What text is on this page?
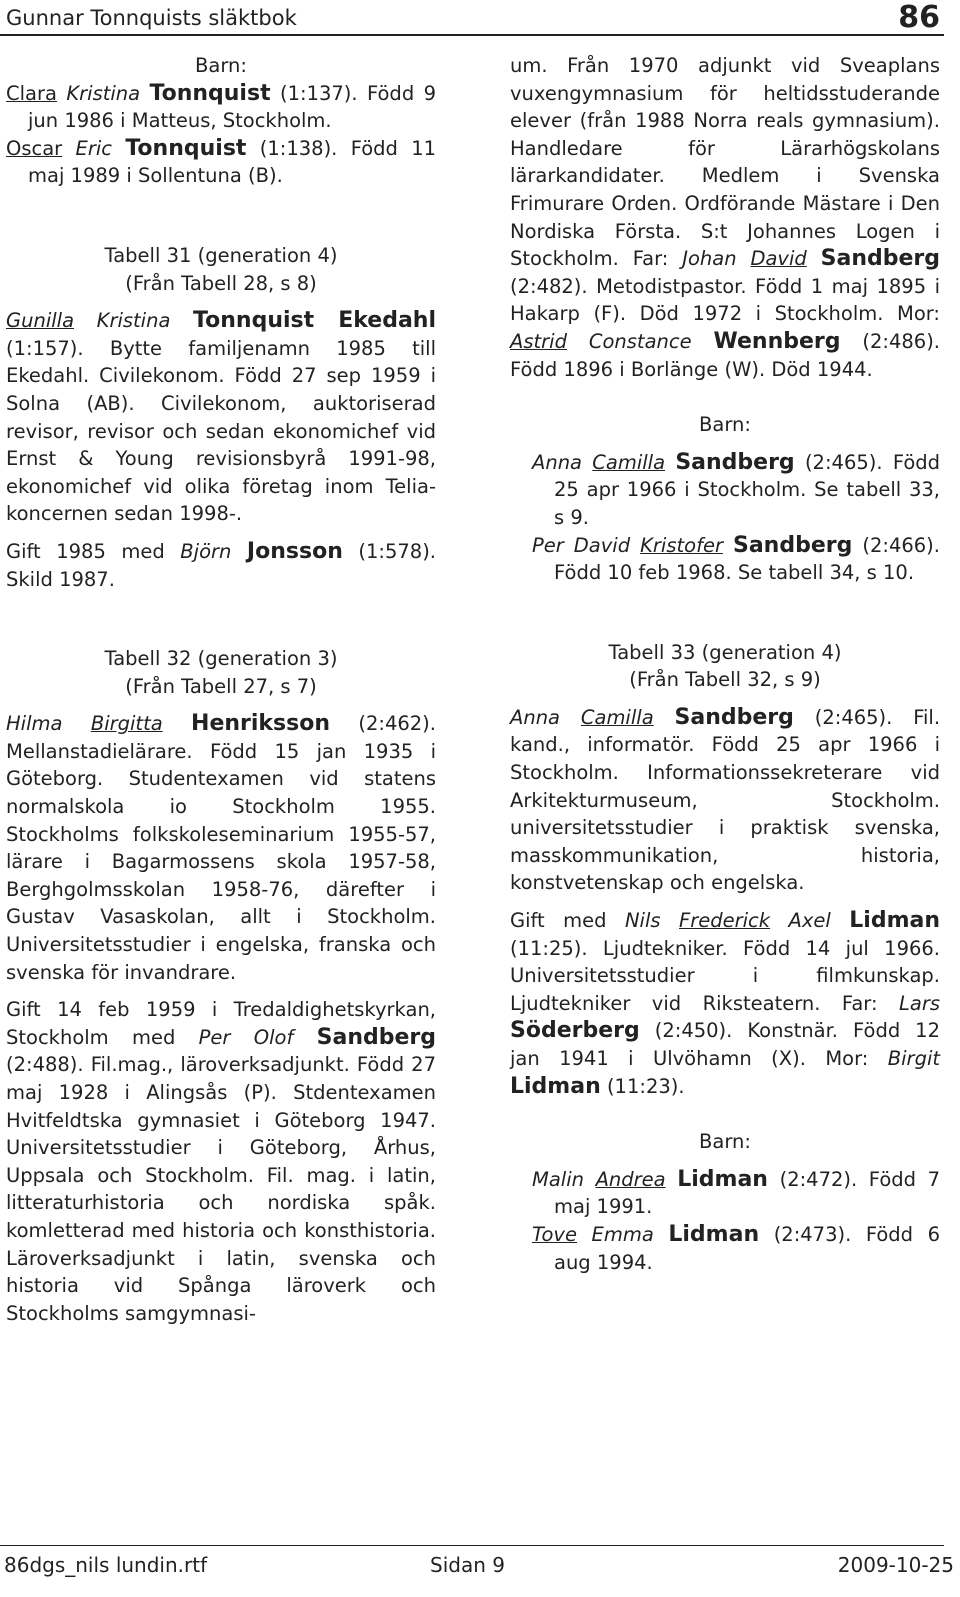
Gunnar Tonnquists släktbok	86

Barn:

Clara Kristina Tonnquist (1:137). Född 9 jun 1986 i Matteus, Stockholm.

Oscar Eric Tonnquist (1:138). Född 11 maj 1989 i Sollentuna (B).

Tabell 31 (generation 4)

(Från Tabell 28, s 8)

Gunilla Kristina Tonnquist Ekedahl (1:157). Bytte familjenamn 1985 till Ekedahl. Civilekonom. Född 27 sep 1959 i Solna (AB). Civilekonom, auktoriserad revisor, revisor och sedan ekonomichef vid Ernst & Young revisionsbyrå 1991-98, ekonomichef vid olika företag inom Telia-koncernen sedan 1998-.

Gift 1985 med Björn Jonsson (1:578). Skild 1987.

Tabell 32 (generation 3)

(Från Tabell 27, s 7)

Hilma Birgitta Henriksson (2:462). Mellanstadielärare. Född 15 jan 1935 i Göteborg. Studentexamen vid statens normalskola io Stockholm 1955. Stockholms folkskoleseminarium 1955-57, lärare i Bagarmossens skola 1957-58, Berghgolmsskolan 1958-76, därefter i Gustav Vasaskolan, allt i Stockholm. Universitetsstudier i engelska, franska och svenska för invandrare.

Gift 14 feb 1959 i Tredaldighetskyrkan, Stockholm med Per Olof Sandberg (2:488). Fil.mag., läroverksadjunkt. Född 27 maj 1928 i Alingsås (P). Stdentexamen Hvitfeldtska gymnasiet i Göteborg 1947. Universitetsstudier i Göteborg, Århus, Uppsala och Stockholm. Fil. mag. i latin, litteraturhistoria och nordiska spåk. komletterad med historia och konsthistoria. Läroverksadjunkt i latin, svenska och historia vid Spånga läroverk och Stockholms samgymnasi-

um. Från 1970 adjunkt vid Sveaplans vuxengymnasium för heltidsstuderande elever (från 1988 Norra reals gymnasium). Handledare för Lärarhögskolans lärarkandidater. Medlem i Svenska Frimurare Orden. Ordförande Mästare i Den Nordiska Första. S:t Johannes Logen i Stockholm. Far: Johan David Sandberg (2:482). Metodistpastor. Född 1 maj 1895 i Hakarp (F). Död 1972 i Stockholm. Mor: Astrid Constance Wennberg (2:486). Född 1896 i Borlänge (W). Död 1944.

Barn:

Anna Camilla Sandberg (2:465). Född 25 apr 1966 i Stockholm. Se tabell 33, s 9.

Per David Kristofer Sandberg (2:466). Född 10 feb 1968. Se tabell 34, s 10.

Tabell 33 (generation 4)

(Från Tabell 32, s 9)

Anna Camilla Sandberg (2:465). Fil. kand., informatör. Född 25 apr 1966 i Stockholm. Informationssekreterare vid Arkitekturmuseum, Stockholm. universitetsstudier i praktisk svenska, masskommunikation, historia, konstvetenskap och engelska.

Gift med Nils Frederick Axel Lidman (11:25). Ljudtekniker. Född 14 jul 1966. Universitetsstudier i filmkunskap. Ljudtekniker vid Riksteatern. Far: Lars Söderberg (2:450). Konstnär. Född 12 jan 1941 i Ulvöhamn (X). Mor: Birgit Lidman (11:23).

Barn:

Malin Andrea Lidman (2:472). Född 7 maj 1991.

Tove Emma Lidman (2:473). Född 6 aug 1994.

86dgs_nils lundin.rtf	Sidan 9	2009-10-25
